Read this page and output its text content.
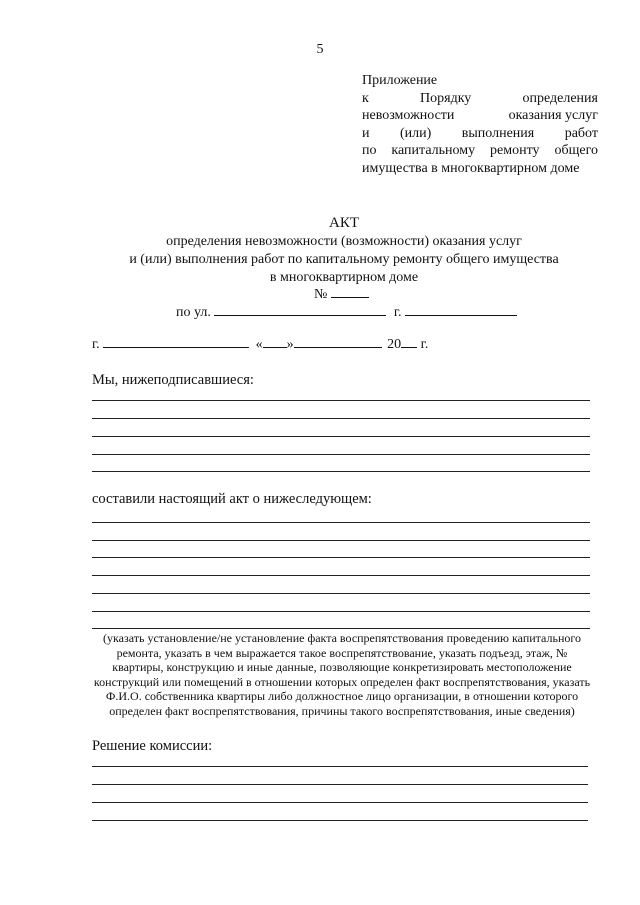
5
Приложение
к	Порядку	определения
невозможности	оказания услуг
и (или) выполнения работ
по капитальному ремонту общего
имущества в многоквартирном доме
АКТ
определения невозможности (возможности) оказания услуг
и (или) выполнения работ по капитальному ремонту общего имущества
в многоквартирном доме
№
по ул.	г.
г.	« »	20 г.
Мы, нижеподписавшиеся:
составили настоящий акт о нижеследующем:
(указать установление/не установление факта воспрепятствования проведению капитального ремонта, указать в чем выражается такое воспрепятствование, указать подъезд, этаж, № квартиры, конструкцию и иные данные, позволяющие конкретизировать местоположение конструкций или помещений в отношении которых определен факт воспрепятствования, указать Ф.И.О. собственника квартиры либо должностное лицо организации, в отношении которого определен факт воспрепятствования, причины такого воспрепятствования, иные сведения)
Решение комиссии:
